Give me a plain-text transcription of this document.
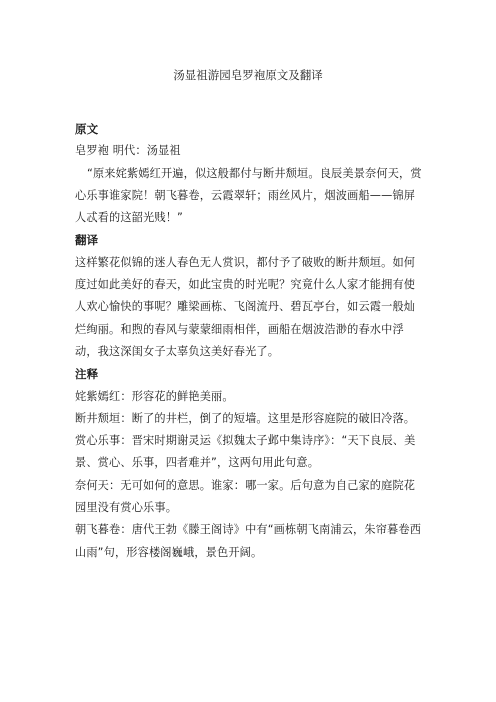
汤显祖游园皂罗袍原文及翻译

原文

皂罗袍 明代：汤显祖

“原来姹紫嫣红开遍，似这般都付与断井颓垣。良辰美景奈何天，赏心乐事谁家院！朝飞暮卷，云霞翠轩；雨丝风片，烟波画船——锦屏人忒看的这韶光贱！”

翻译

这样繁花似锦的迷人春色无人赏识，都付予了破败的断井颓垣。如何度过如此美好的春天，如此宝贵的时光呢？究竟什么人家才能拥有使人欢心愉快的事呢？雕梁画栋、飞阁流丹、碧瓦亭台，如云霞一般灿烂绚丽。和煦的春风与蒙蒙细雨相伴，画船在烟波浩渺的春水中浮动，我这深闺女子太辜负这美好春光了。

注释

姹紫嫣红：形容花的鲜艳美丽。

断井颓垣：断了的井栏，倒了的短墙。这里是形容庭院的破旧冷落。

赏心乐事：晋宋时期谢灵运《拟魏太子邺中集诗序》：“天下良辰、美景、赏心、乐事，四者难并”，这两句用此句意。

奈何天：无可如何的意思。谁家：哪一家。后句意为自己家的庭院花园里没有赏心乐事。

朝飞暮卷：唐代王勃《滕王阁诗》中有“画栋朝飞南浦云，朱帘暮卷西山雨”句，形容楼阁巍峨，景色开阔。
